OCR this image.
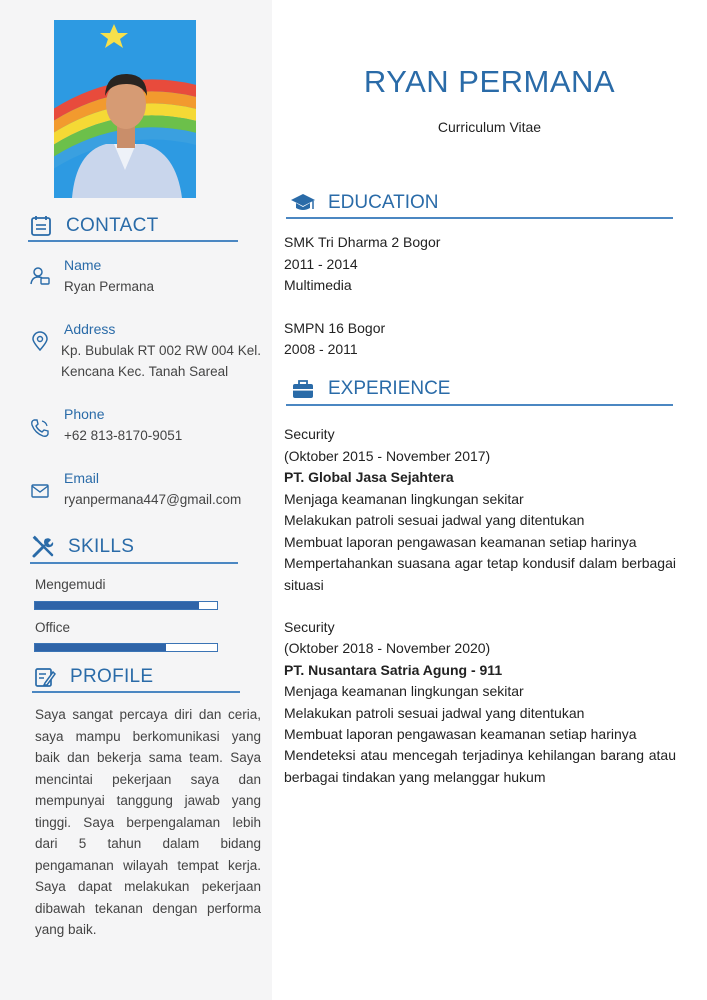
CONTACT
Name
Ryan Permana
Address
Kp. Bubulak RT 002 RW 004 Kel. Kencana Kec. Tanah Sareal
Phone
+62 813-8170-9051
Email
ryanpermana447@gmail.com
SKILLS
Mengemudi
Office
PROFILE
Saya sangat percaya diri dan ceria, saya mampu berkomunikasi yang baik dan bekerja sama team. Saya mencintai pekerjaan saya dan mempunyai tanggung jawab yang tinggi. Saya berpengalaman lebih dari 5 tahun dalam bidang pengamanan wilayah tempat kerja. Saya dapat melakukan pekerjaan dibawah tekanan dengan performa yang baik.
RYAN PERMANA
Curriculum Vitae
EDUCATION
SMK Tri Dharma 2 Bogor
2011 - 2014
Multimedia
SMPN 16 Bogor
2008 - 2011
EXPERIENCE
Security
(Oktober 2015 - November 2017)
PT. Global Jasa Sejahtera
Menjaga keamanan lingkungan sekitar
Melakukan patroli sesuai jadwal yang ditentukan
Membuat laporan pengawasan keamanan setiap harinya
Mempertahankan suasana agar tetap kondusif dalam berbagai situasi
Security
(Oktober 2018 - November 2020)
PT. Nusantara Satria Agung - 911
Menjaga keamanan lingkungan sekitar
Melakukan patroli sesuai jadwal yang ditentukan
Membuat laporan pengawasan keamanan setiap harinya
Mendeteksi atau mencegah terjadinya kehilangan barang atau berbagai tindakan yang melanggar hukum
